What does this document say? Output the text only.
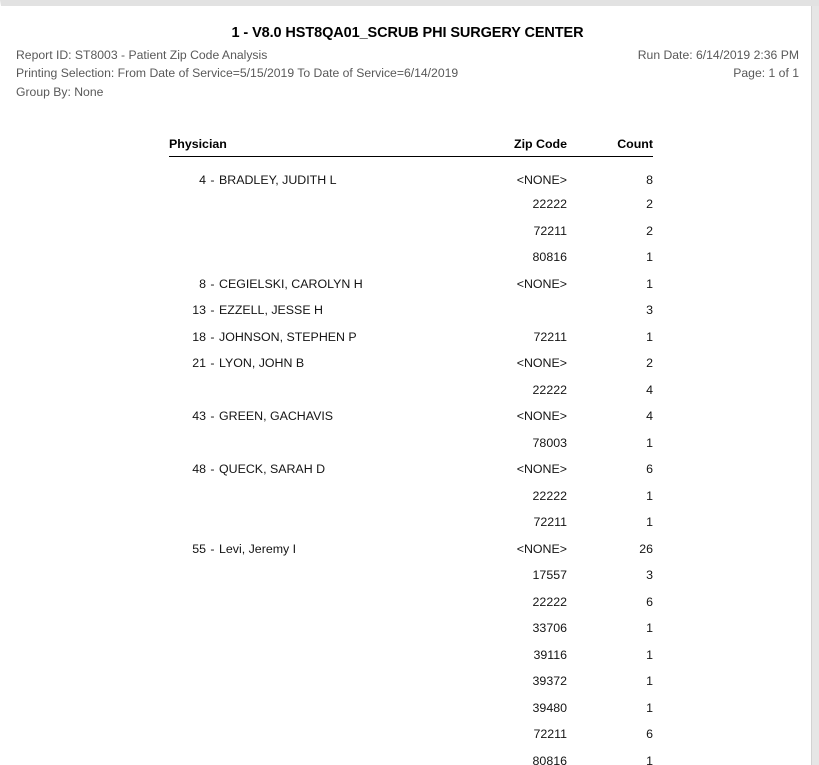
1 - V8.0 HST8QA01_SCRUB PHI SURGERY CENTER
Report ID: ST8003 - Patient Zip Code Analysis
Printing Selection: From Date of Service=5/15/2019 To Date of Service=6/14/2019
Group By: None
Run Date: 6/14/2019 2:36 PM
Page: 1 of 1
Physician	Zip Code	Count

4 - BRADLEY, JUDITH L	<NONE>	8
	22222	2
	72211	2
	80816	1

8 - CEGIELSKI, CAROLYN H	<NONE>	1

13 - EZZELL, JESSE H		3

18 - JOHNSON, STEPHEN P	72211	1

21 - LYON, JOHN B	<NONE>	2
	22222	4

43 - GREEN, GACHAVIS	<NONE>	4
	78003	1

48 - QUECK, SARAH D	<NONE>	6
	22222	1
	72211	1

55 - Levi, Jeremy I	<NONE>	26
	17557	3
	22222	6
	33706	1
	39116	1
	39372	1
	39480	1
	72211	6
	80816	1
